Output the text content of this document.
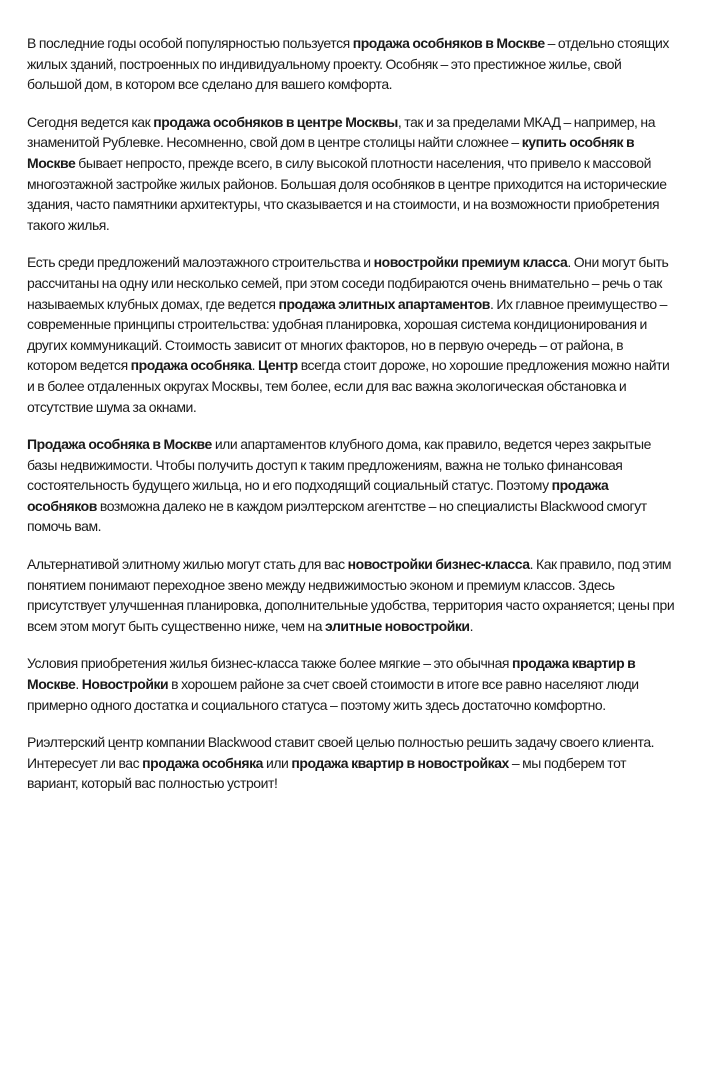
В последние годы особой популярностью пользуется продажа особняков в Москве – отдельно стоящих жилых зданий, построенных по индивидуальному проекту. Особняк – это престижное жилье, свой большой дом, в котором все сделано для вашего комфорта.

Сегодня ведется как продажа особняков в центре Москвы, так и за пределами МКАД – например, на знаменитой Рублевке. Несомненно, свой дом в центре столицы найти сложнее – купить особняк в Москве бывает непросто, прежде всего, в силу высокой плотности населения, что привело к массовой многоэтажной застройке жилых районов. Большая доля особняков в центре приходится на исторические здания, часто памятники архитектуры, что сказывается и на стоимости, и на возможности приобретения такого жилья.

Есть среди предложений малоэтажного строительства и новостройки премиум класса. Они могут быть рассчитаны на одну или несколько семей, при этом соседи подбираются очень внимательно – речь о так называемых клубных домах, где ведется продажа элитных апартаментов. Их главное преимущество – современные принципы строительства: удобная планировка, хорошая система кондиционирования и других коммуникаций. Стоимость зависит от многих факторов, но в первую очередь – от района, в котором ведется продажа особняка. Центр всегда стоит дороже, но хорошие предложения можно найти и в более отдаленных округах Москвы, тем более, если для вас важна экологическая обстановка и отсутствие шума за окнами.

Продажа особняка в Москве или апартаментов клубного дома, как правило, ведется через закрытые базы недвижимости. Чтобы получить доступ к таким предложениям, важна не только финансовая состоятельность будущего жильца, но и его подходящий социальный статус. Поэтому продажа особняков возможна далеко не в каждом риэлтерском агентстве – но специалисты Blackwood смогут помочь вам.

Альтернативой элитному жилью могут стать для вас новостройки бизнес-класса. Как правило, под этим понятием понимают переходное звено между недвижимостью эконом и премиум классов. Здесь присутствует улучшенная планировка, дополнительные удобства, территория часто охраняется; цены при всем этом могут быть существенно ниже, чем на элитные новостройки.

Условия приобретения жилья бизнес-класса также более мягкие – это обычная продажа квартир в Москве. Новостройки в хорошем районе за счет своей стоимости в итоге все равно населяют люди примерно одного достатка и социального статуса – поэтому жить здесь достаточно комфортно.

Риэлтерский центр компании Blackwood ставит своей целью полностью решить задачу своего клиента. Интересует ли вас продажа особняка или продажа квартир в новостройках – мы подберем тот вариант, который вас полностью устроит!
